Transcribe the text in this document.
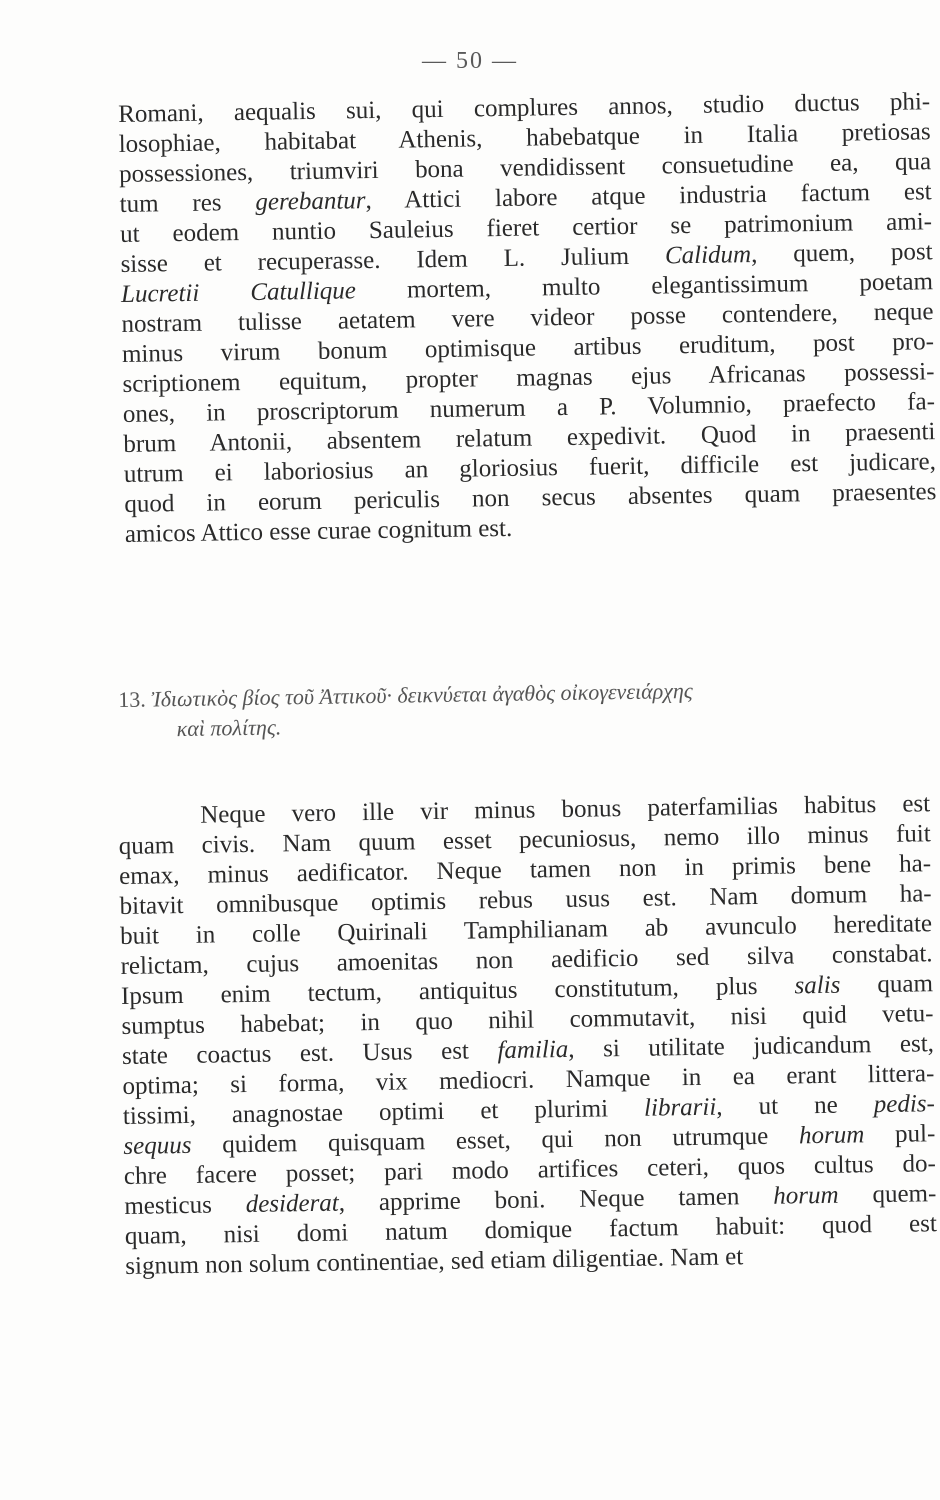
— 50 —
Romani, aequalis sui, qui complures annos, studio ductus phi-
losophiae, habitabat Athenis, habebatque in Italia pretiosas
possessiones, triumviri bona vendidissent consuetudine ea, qua
tum res gerebantur, Attici labore atque industria factum est
ut eodem nuntio Sauleius fieret certior se patrimonium ami-
sisse et recuperasse. Idem L. Julium Calidum, quem, post
Lucretii Catullique mortem, multo elegantissimum poetam
nostram tulisse aetatem vere videor posse contendere, neque
minus virum bonum optimisque artibus eruditum, post pro-
scriptionem equitum, propter magnas ejus Africanas possessi-
ones, in proscriptorum numerum a P. Volumnio, praefecto fa-
brum Antonii, absentem relatum expedivit. Quod in praesenti
utrum ei laboriosius an gloriosius fuerit, difficile est judicare,
quod in eorum periculis non secus absentes quam praesentes
amicos Attico esse curae cognitum est.
13. Ἰδιωτικὸς βίος τοῦ Ἀττικοῦ· δεικνύεται ἀγαθὸς οἰκογενειάρχης
καὶ πολίτης.
Neque vero ille vir minus bonus paterfamilias habitus est
quam civis. Nam quum esset pecuniosus, nemo illo minus fuit
emax, minus aedificator. Neque tamen non in primis bene ha-
bitavit omnibusque optimis rebus usus est. Nam domum ha-
buit in colle Quirinali Tamphilianam ab avunculo hereditate
relictam, cujus amoenitas non aedificio sed silva constabat.
Ipsum enim tectum, antiquitus constitutum, plus salis quam
sumptus habebat; in quo nihil commutavit, nisi quid vetu-
state coactus est. Usus est familia, si utilitate judicandum est,
optima; si forma, vix mediocri. Namque in ea erant littera-
tissimi, anagnostae optimi et plurimi librarii, ut ne pedis-
sequus quidem quisquam esset, qui non utrumque horum pul-
chre facere posset; pari modo artifices ceteri, quos cultus do-
mesticus desiderat, apprime boni. Neque tamen horum quem-
quam, nisi domi natum domique factum habuit: quod est
signum non solum continentiae, sed etiam diligentiae. Nam et
